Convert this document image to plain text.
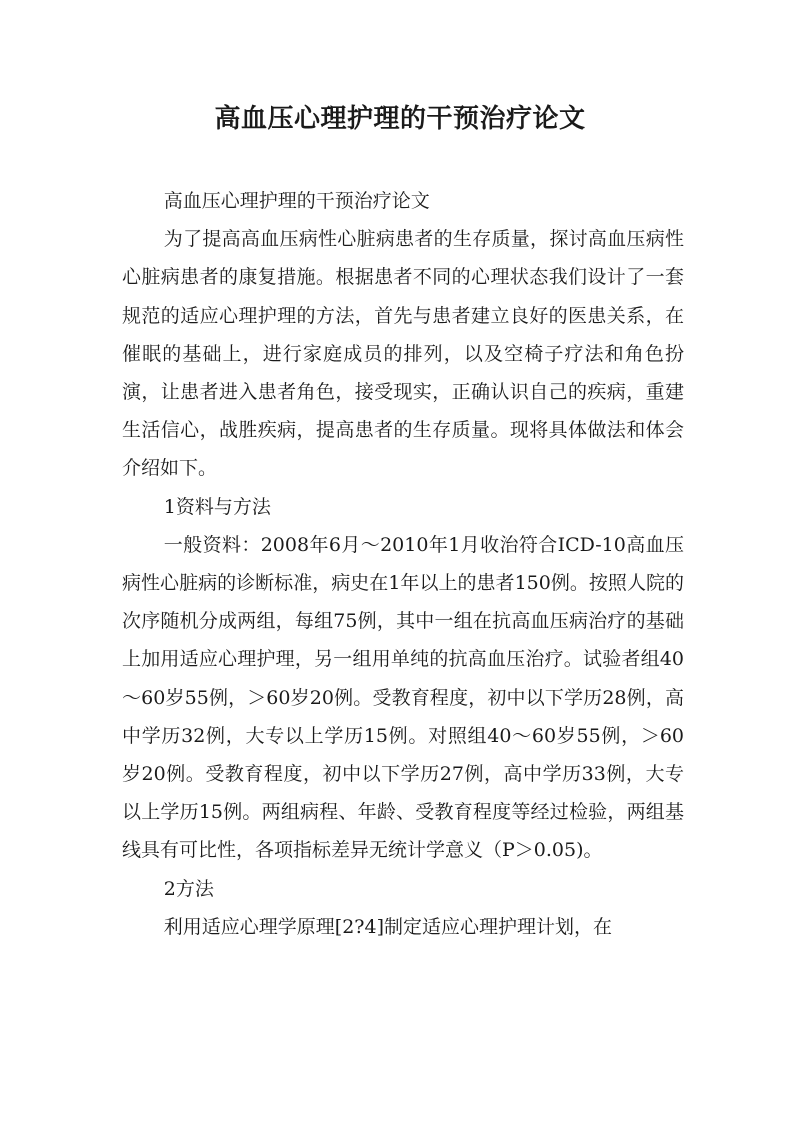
高血压心理护理的干预治疗论文

高血压心理护理的干预治疗论文

为了提高高血压病性心脏病患者的生存质量，探讨高血压病性心脏病患者的康复措施。根据患者不同的心理状态我们设计了一套规范的适应心理护理的方法，首先与患者建立良好的医患关系，在催眠的基础上，进行家庭成员的排列，以及空椅子疗法和角色扮演，让患者进入患者角色，接受现实，正确认识自己的疾病，重建生活信心，战胜疾病，提高患者的生存质量。现将具体做法和体会介绍如下。

1资料与方法

一般资料：2008年6月～2010年1月收治符合ICD-10高血压病性心脏病的诊断标准，病史在1年以上的患者150例。按照人院的次序随机分成两组，每组75例，其中一组在抗高血压病治疗的基础上加用适应心理护理，另一组用单纯的抗高血压治疗。试验者组40～60岁55例，＞60岁20例。受教育程度，初中以下学历28例，高中学历32例，大专以上学历15例。对照组40～60岁55例，＞60岁20例。受教育程度，初中以下学历27例，高中学历33例，大专以上学历15例。两组病程、年龄、受教育程度等经过检验，两组基线具有可比性，各项指标差异无统计学意义（P＞0.05)。

2方法

利用适应心理学原理[2?4]制定适应心理护理计划，在
